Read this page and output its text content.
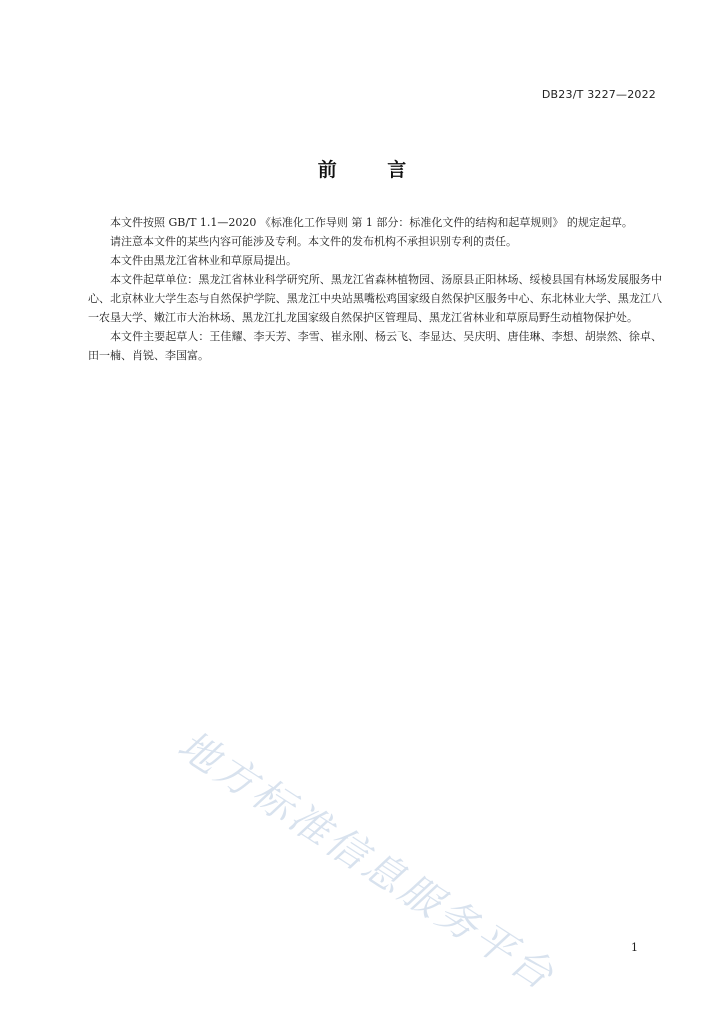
DB23/T 3227—2022
前 言

本文件按照 GB/T 1.1—2020 《标准化工作导则 第 1 部分：标准化文件的结构和起草规则》 的规定起草。

请注意本文件的某些内容可能涉及专利。本文件的发布机构不承担识别专利的责任。

本文件由黑龙江省林业和草原局提出。

本文件起草单位：黑龙江省林业科学研究所、黑龙江省森林植物园、汤原县正阳林场、绥棱县国有林场发展服务中心、北京林业大学生态与自然保护学院、黑龙江中央站黑嘴松鸡国家级自然保护区服务中心、东北林业大学、黑龙江八一农垦大学、嫩江市大治林场、黑龙江扎龙国家级自然保护区管理局、黑龙江省林业和草原局野生动植物保护处。

本文件主要起草人：王佳耀、李天芳、李雪、崔永刚、杨云飞、李显达、吴庆明、唐佳琳、李想、胡崇然、徐卓、田一楠、肖锐、李国富。

地方标准信息服务平台	1
